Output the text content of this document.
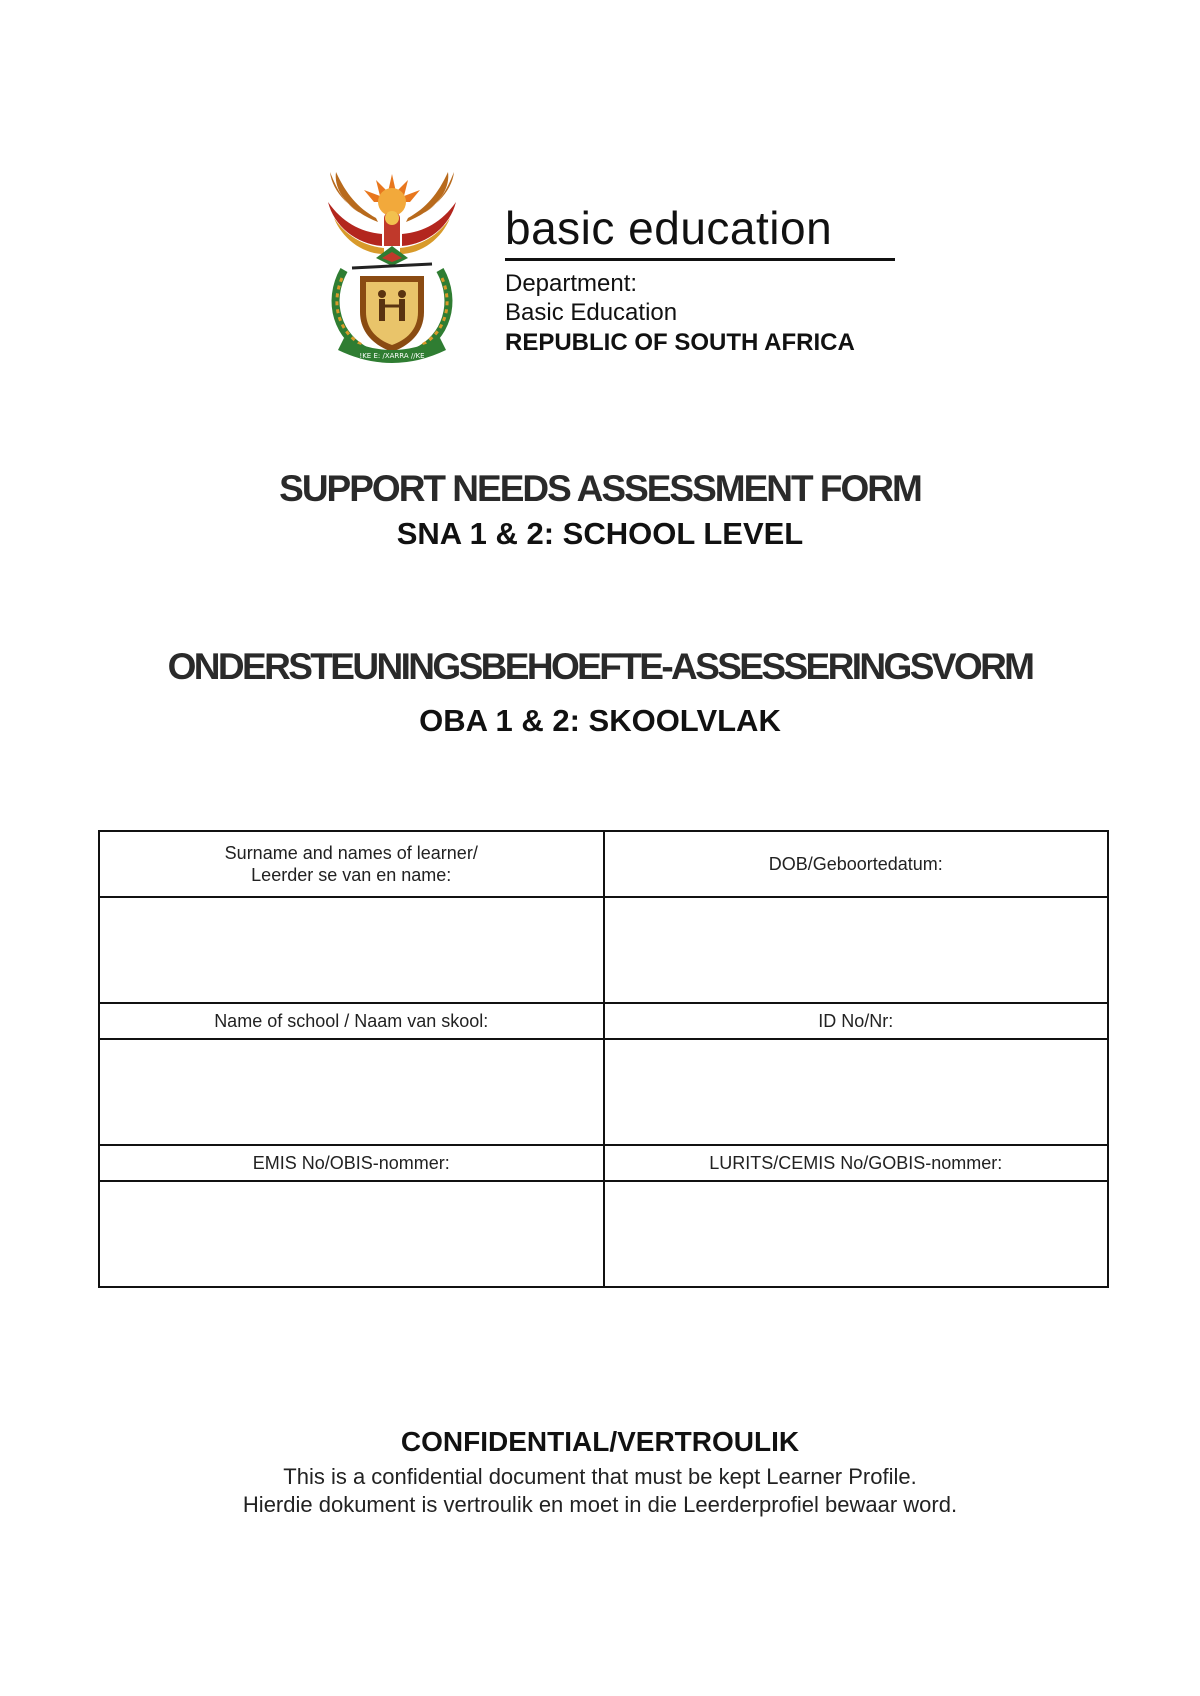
!KE E: /XARRA //KE
basic education
Department:
Basic Education
REPUBLIC OF SOUTH AFRICA
SUPPORT NEEDS ASSESSMENT FORM
SNA 1 & 2: SCHOOL LEVEL
ONDERSTEUNINGSBEHOEFTE-ASSESSERINGSVORM
OBA 1 & 2: SKOOLVLAK
Surname and names of learner/
Leerder se van en name:	DOB/Geboortedatum:

Name of school / Naam van skool:	ID No/Nr:

EMIS No/OBIS-nommer:	LURITS/CEMIS No/GOBIS-nommer:

CONFIDENTIAL/VERTROULIK
This is a confidential document that must be kept Learner Profile.
Hierdie dokument is vertroulik en moet in die Leerderprofiel bewaar word.
